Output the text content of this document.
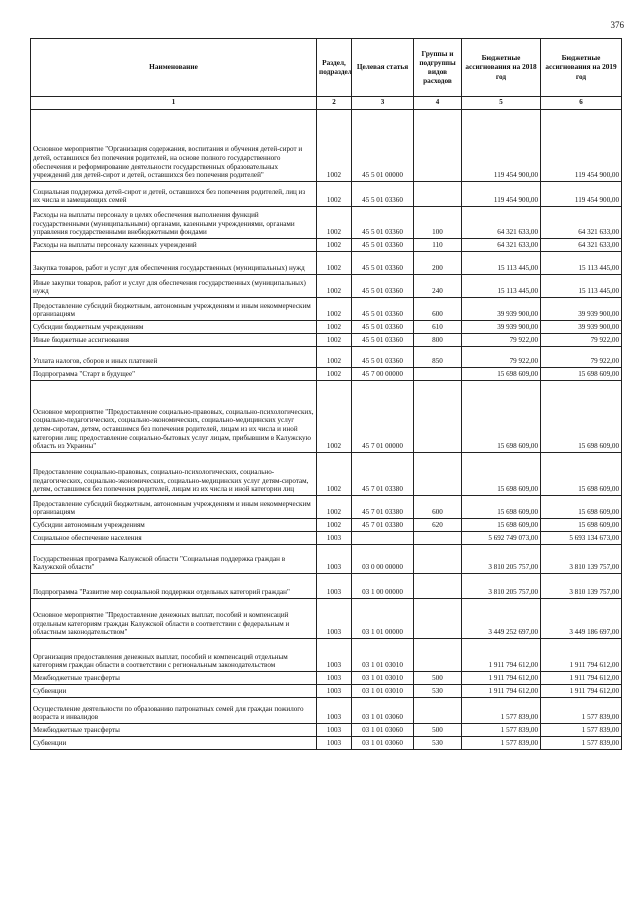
376
Наименование	Раздел, подраздел	Целевая статья	Группы и подгруппы видов расходов	Бюджетные ассигнования на 2018 год	Бюджетные ассигнования на 2019 год
1	2	3	4	5	6
Основное мероприятие "Организация содержания, воспитания и обучения детей-сирот и детей, оставшихся без попечения родителей, на основе полного государственного обеспечения и реформирование деятельности государственных образовательных учреждений для детей-сирот и детей, оставшихся без попечения родителей"	1002	45 5 01 00000		119 454 900,00	119 454 900,00
Социальная поддержка детей-сирот и детей, оставшихся без попечения родителей, лиц из их числа и замещающих семей	1002	45 5 01 03360		119 454 900,00	119 454 900,00
Расходы на выплаты персоналу в целях обеспечения выполнения функций государственными (муниципальными) органами, казенными учреждениями, органами управления государственными внебюджетными фондами	1002	45 5 01 03360	100	64 321 633,00	64 321 633,00
Расходы на выплаты персоналу казенных учреждений	1002	45 5 01 03360	110	64 321 633,00	64 321 633,00
Закупка товаров, работ и услуг для обеспечения государственных (муниципальных) нужд	1002	45 5 01 03360	200	15 113 445,00	15 113 445,00
Иные закупки товаров, работ и услуг для обеспечения государственных (муниципальных) нужд	1002	45 5 01 03360	240	15 113 445,00	15 113 445,00
Предоставление субсидий бюджетным, автономным учреждениям и иным некоммерческим организациям	1002	45 5 01 03360	600	39 939 900,00	39 939 900,00
Субсидии бюджетным учреждениям	1002	45 5 01 03360	610	39 939 900,00	39 939 900,00
Иные бюджетные ассигнования	1002	45 5 01 03360	800	79 922,00	79 922,00
Уплата налогов, сборов и иных платежей	1002	45 5 01 03360	850	79 922,00	79 922,00
Подпрограмма "Старт в будущее"	1002	45 7 00 00000		15 698 609,00	15 698 609,00
Основное мероприятие "Предоставление социально-правовых, социально-психологических, социально-педагогических, социально-экономических, социально-медицинских услуг детям-сиротам, детям, оставшимся без попечения родителей, лицам из их числа и иной категории лиц; предоставление социально-бытовых услуг лицам, прибывшим в Калужскую область из Украины"	1002	45 7 01 00000		15 698 609,00	15 698 609,00
Предоставление социально-правовых, социально-психологических, социально-педагогических, социально-экономических, социально-медицинских услуг детям-сиротам, детям, оставшимся без попечения родителей, лицам из их числа и иной категории лиц	1002	45 7 01 03380		15 698 609,00	15 698 609,00
Предоставление субсидий бюджетным, автономным учреждениям и иным некоммерческим организациям	1002	45 7 01 03380	600	15 698 609,00	15 698 609,00
Субсидии автономным учреждениям	1002	45 7 01 03380	620	15 698 609,00	15 698 609,00
Социальное обеспечение населения	1003			5 692 749 073,00	5 693 134 673,00
Государственная программа Калужской области "Социальная поддержка граждан в Калужской области"	1003	03 0 00 00000		3 810 205 757,00	3 810 139 757,00
Подпрограмма "Развитие мер социальной поддержки отдельных категорий граждан"	1003	03 1 00 00000		3 810 205 757,00	3 810 139 757,00
Основное мероприятие "Предоставление денежных выплат, пособий и компенсаций отдельным категориям граждан Калужской области в соответствии с федеральным и областным законодательством"	1003	03 1 01 00000		3 449 252 697,00	3 449 186 697,00
Организация предоставления денежных выплат, пособий и компенсаций отдельным категориям граждан области в соответствии с региональным законодательством	1003	03 1 01 03010		1 911 794 612,00	1 911 794 612,00
Межбюджетные трансферты	1003	03 1 01 03010	500	1 911 794 612,00	1 911 794 612,00
Субвенции	1003	03 1 01 03010	530	1 911 794 612,00	1 911 794 612,00
Осуществление деятельности по образованию патронатных семей для граждан пожилого возраста и инвалидов	1003	03 1 01 03060		1 577 839,00	1 577 839,00
Межбюджетные трансферты	1003	03 1 01 03060	500	1 577 839,00	1 577 839,00
Субвенции	1003	03 1 01 03060	530	1 577 839,00	1 577 839,00
